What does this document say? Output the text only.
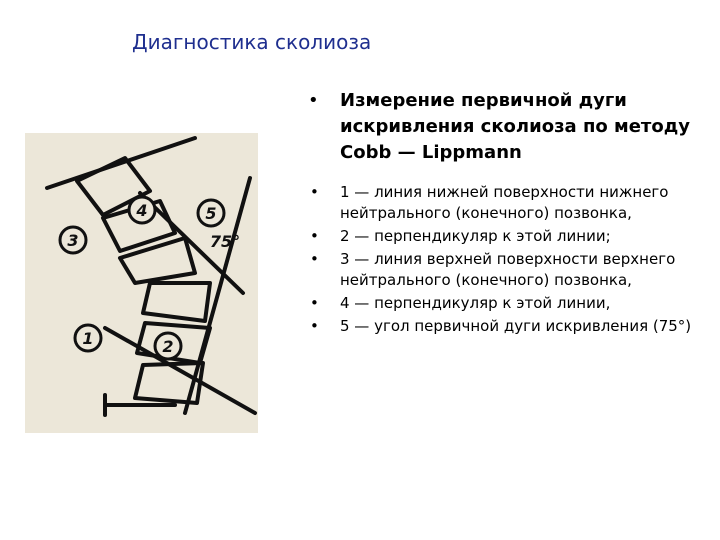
Диагностика сколиоза
3
4	5
1	2
75°
• Измерение первичной дуги искривления сколиоза по методу Cobb — Lippmann
• 1 — линия нижней поверхности нижнего нейтрального (конечного) позвонка,
• 2 — перпендикуляр к этой линии;
• 3 — линия верхней поверхности верхнего нейтрального (конечного) позвонка,
• 4 — перпендикуляр к этой линии,
• 5 — угол первичной дуги искривления (75°)
